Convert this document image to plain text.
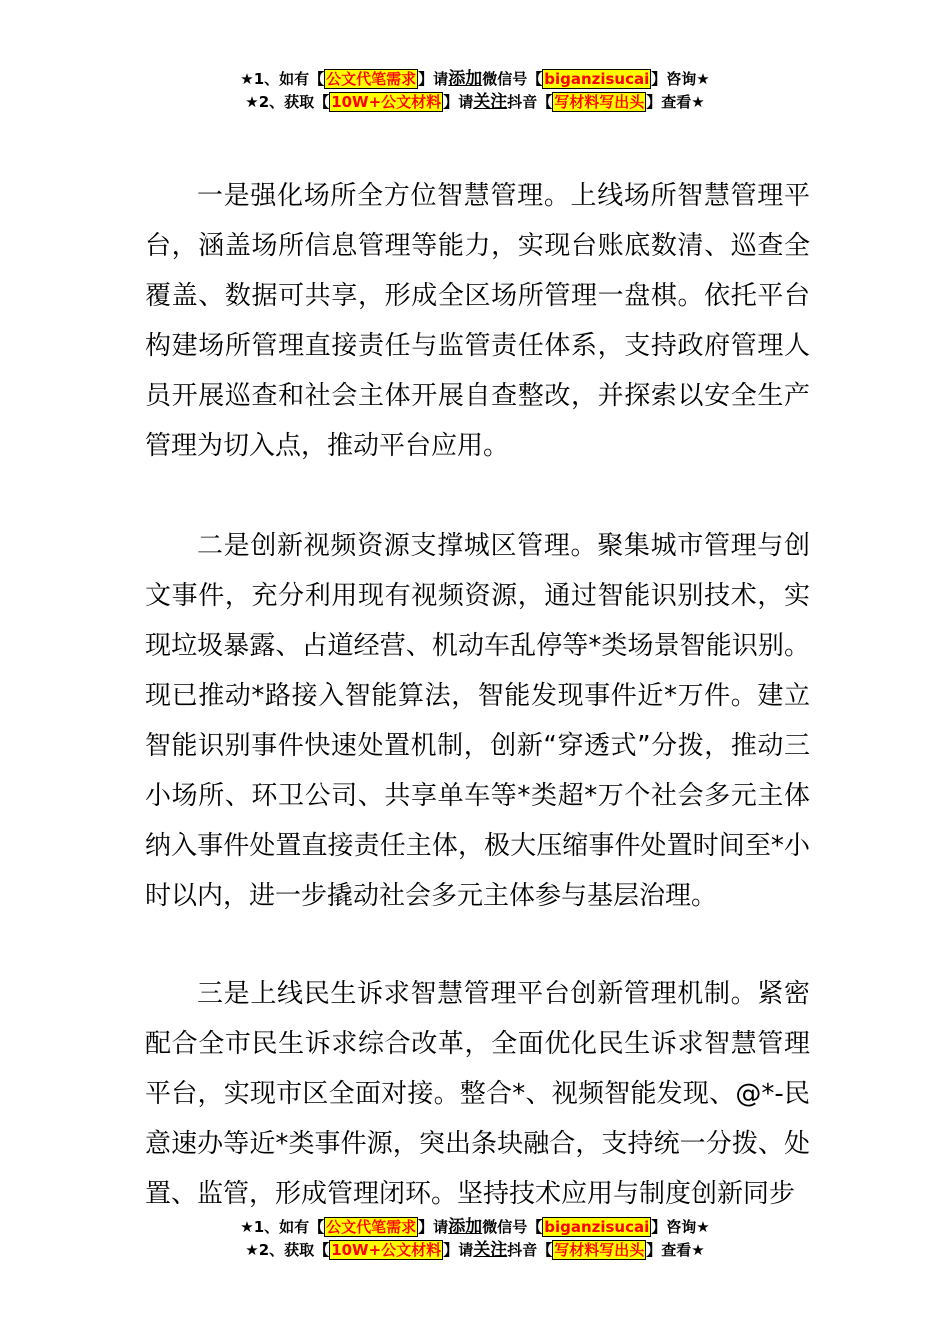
★1、如有【 公文代笔需求 】请添加微信号【 biganzisucai 】咨询★
★2、获取【 10W+公文材料 】请关注抖音【 写材料写出头 】查看★

一是强化场所全方位智慧管理。上线场所智慧管理平台，涵盖场所信息管理等能力，实现台账底数清、巡查全覆盖、数据可共享，形成全区场所管理一盘棋。依托平台构建场所管理直接责任与监管责任体系，支持政府管理人员开展巡查和社会主体开展自查整改，并探索以安全生产管理为切入点，推动平台应用。

二是创新视频资源支撑城区管理。聚集城市管理与创文事件，充分利用现有视频资源，通过智能识别技术，实现垃圾暴露、占道经营、机动车乱停等*类场景智能识别。现已推动*路接入智能算法，智能发现事件近*万件。建立智能识别事件快速处置机制，创新“穿透式”分拨，推动三小场所、环卫公司、共享单车等*类超*万个社会多元主体纳入事件处置直接责任主体，极大压缩事件处置时间至*小时以内，进一步撬动社会多元主体参与基层治理。

三是上线民生诉求智慧管理平台创新管理机制。紧密配合全市民生诉求综合改革，全面优化民生诉求智慧管理平台，实现市区全面对接。整合*、视频智能发现、@*-民意速办等近*类事件源，突出条块融合，支持统一分拨、处置、监管，形成管理闭环。坚持技术应用与制度创新同步

★1、如有【 公文代笔需求 】请添加微信号【 biganzisucai 】咨询★
★2、获取【 10W+公文材料 】请关注抖音【 写材料写出头 】查看★
